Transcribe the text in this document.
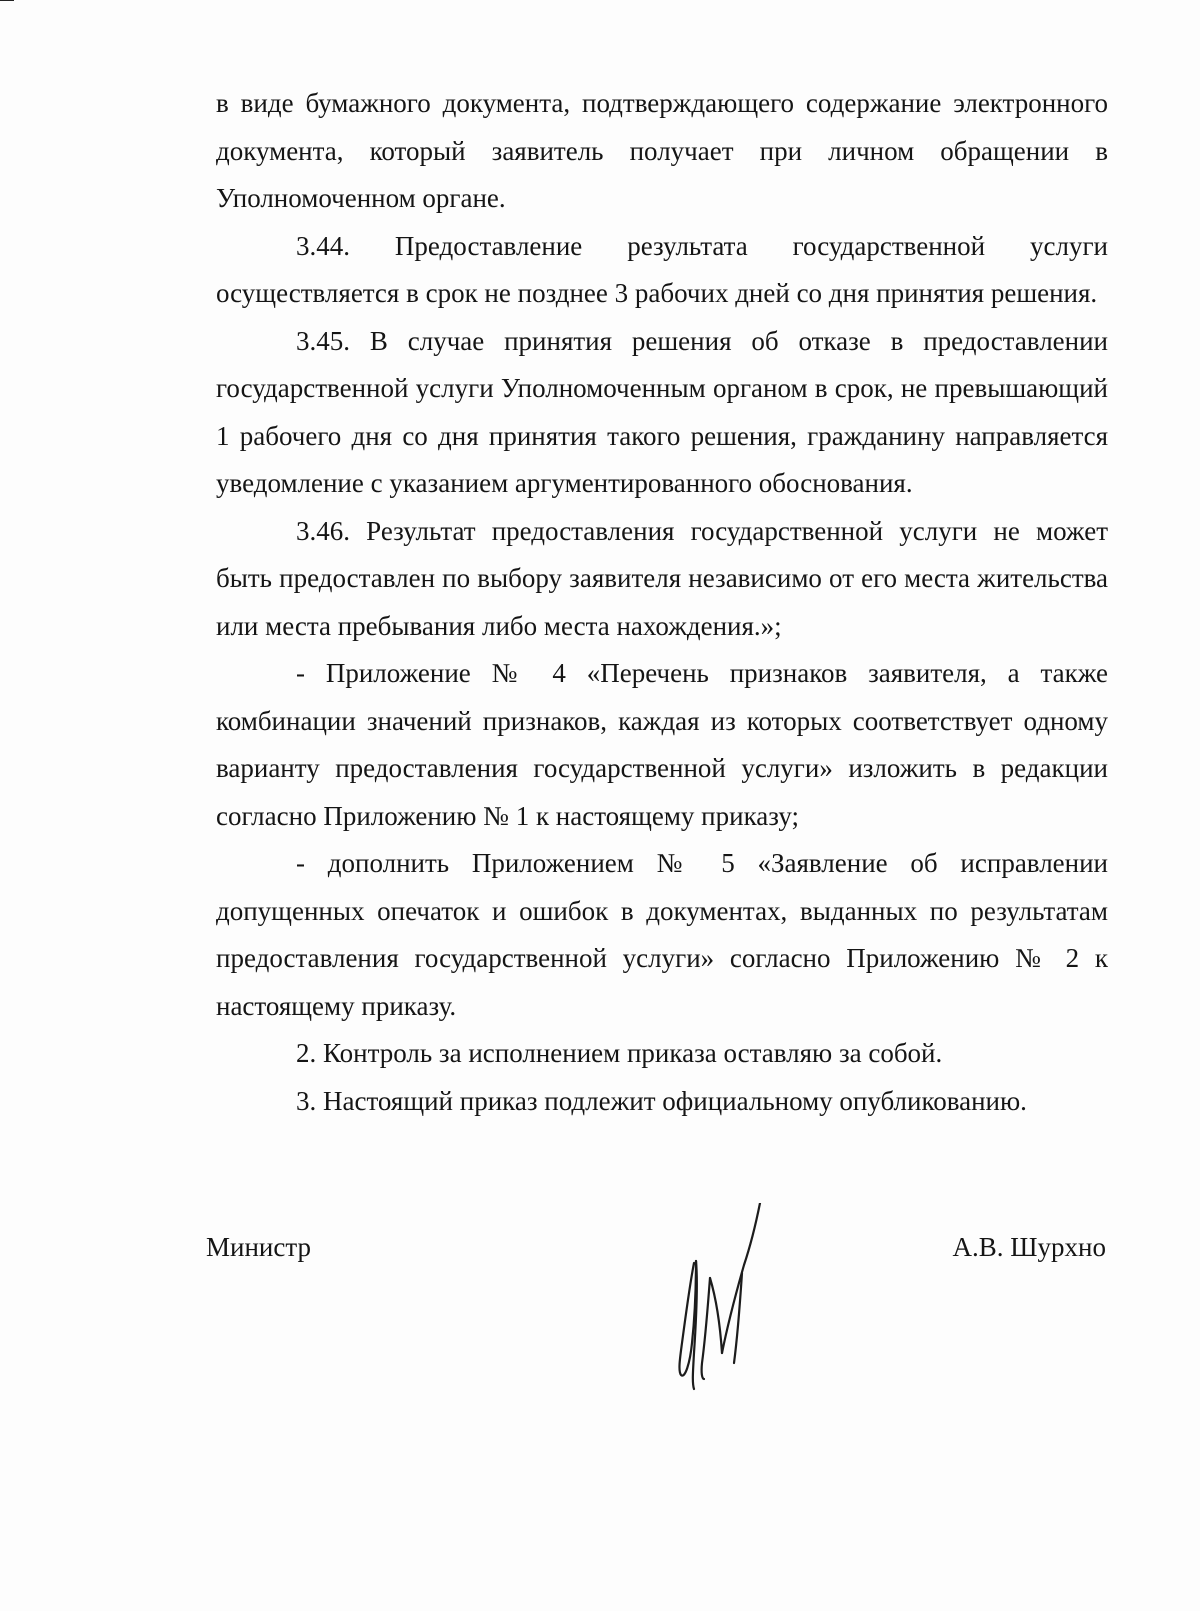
в виде бумажного документа, подтверждающего содержание электронного документа, который заявитель получает при личном обращении в Уполномоченном органе.

3.44. Предоставление результата государственной услуги осуществляется в срок не позднее 3 рабочих дней со дня принятия решения.

3.45. В случае принятия решения об отказе в предоставлении государственной услуги Уполномоченным органом в срок, не превышающий 1 рабочего дня со дня принятия такого решения, гражданину направляется уведомление с указанием аргументированного обоснования.

3.46. Результат предоставления государственной услуги не может быть предоставлен по выбору заявителя независимо от его места жительства или места пребывания либо места нахождения.»;

- Приложение № 4 «Перечень признаков заявителя, а также комбинации значений признаков, каждая из которых соответствует одному варианту предоставления государственной услуги» изложить в редакции согласно Приложению № 1 к настоящему приказу;

- дополнить Приложением № 5 «Заявление об исправлении допущенных опечаток и ошибок в документах, выданных по результатам предоставления государственной услуги» согласно Приложению № 2 к настоящему приказу.

2. Контроль за исполнением приказа оставляю за собой.

3. Настоящий приказ подлежит официальному опубликованию.

Министр	А.В. Шурхно
